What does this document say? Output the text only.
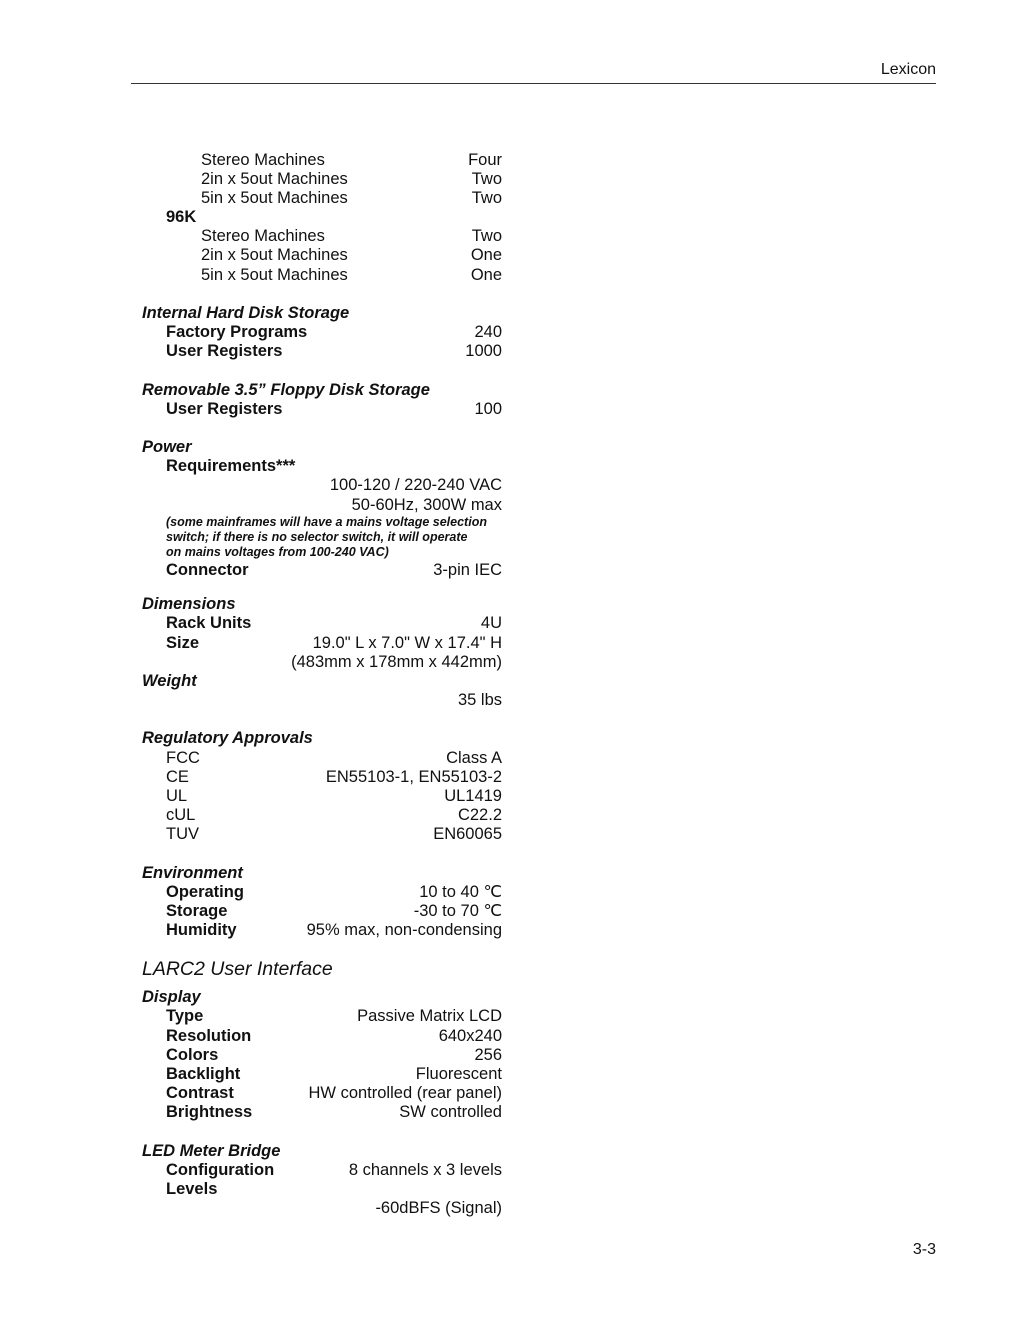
Lexicon
Stereo Machines	Four
2in x 5out Machines	Two
5in x 5out Machines	Two
96K
Stereo Machines	Two
2in x 5out Machines	One
5in x 5out Machines	One
Internal Hard Disk Storage
Factory Programs	240
User Registers	1000
Removable 3.5” Floppy Disk Storage
User Registers	100
Power
Requirements***
100-120 / 220-240 VAC
50-60Hz, 300W max
(some mainframes will have a mains voltage selection
switch; if there is no selector switch, it will operate
on mains voltages from 100-240 VAC)
Connector	3-pin IEC
Dimensions
Rack Units	4U
Size	19.0" L x 7.0" W x 17.4" H
(483mm x 178mm x 442mm)
Weight
35 lbs
Regulatory Approvals
FCC	Class A
CE	EN55103-1, EN55103-2
UL	UL1419
cUL	C22.2
TUV	EN60065
Environment
Operating	10 to 40 ℃
Storage	-30 to 70 ℃
Humidity	95% max, non-condensing
LARC2 User Interface
Display
Type	Passive Matrix LCD
Resolution	640x240
Colors	256
Backlight	Fluorescent
Contrast	HW controlled (rear panel)
Brightness	SW controlled
LED Meter Bridge
Configuration	8 channels x 3 levels
Levels
-60dBFS (Signal)
3-3
